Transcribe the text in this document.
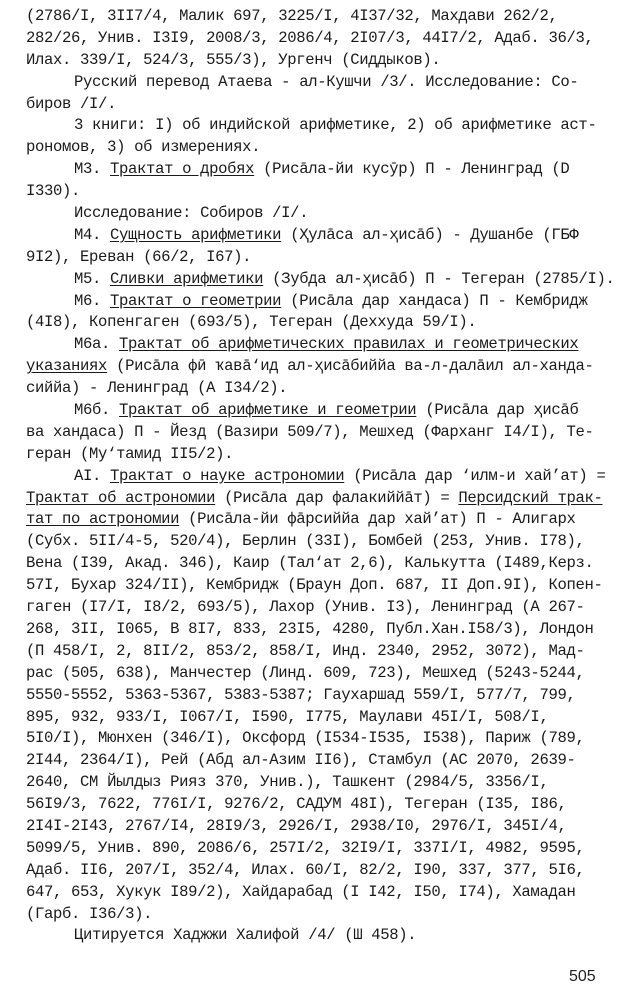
(2786/I, 3II7/4, Малик 697, 3225/I, 4I37/32, Махдави 262/2,
282/26, Унив. I3I9, 2008/3, 2086/4, 2I07/3, 44I7/2, Адаб. 36/3,
Илах. 339/I, 524/3, 555/3), Ургенч (Сиддыков).
Русский перевод Атаева - ал-Кушчи /3/. Исследование: Со-
биров /I/.
3 книги: I) об индийской арифметике, 2) об арифметике аст-
рономов, 3) об измерениях.
М3. Трактат о дробях (Рисāла-йи кусӯр) П - Ленинград (D
I330).
Исследование: Собиров /I/.
М4. Сущность арифметики (Ҳулāса ал-ҳисāб) - Душанбе (ГБФ
9I2), Ереван (66/2, I67).
М5. Сливки арифметики (Зубда ал-ҳисāб) П - Тегеран (2785/I).
М6. Трактат о геометрии (Рисāла дар хандаса) П - Кембридж
(4I8), Копенгаген (693/5), Тегеран (Деххуда 59/I).
М6а. Трактат об арифметических правилах и геометрических
указаниях (Рисāла фӣ ҡавā‘ид ал-ҳисāбиййа ва-л-далāил ал-ханда-
сиййа) - Ленинград (А I34/2).
М6б. Трактат об арифметике и геометрии (Рисāла дар ҳисāб
ва хандаса) П - Йезд (Вазири 509/7), Мешхед (Фарханг I4/I), Те-
геран (Му‘тамид II5/2).
АI. Трактат о науке астрономии (Рисāла дар ‘илм-и хай’ат) =
Трактат об астрономии (Рисāла дар фалакиййāт) = Персидский трак-
тат по астрономии (Рисāла-йи фāрсиййа дар хай’ат) П - Алигарх
(Субх. 5II/4-5, 520/4), Берлин (33I), Бомбей (253, Унив. I78),
Вена (I39, Акад. 346), Каир (Тал‘ат 2,6), Калькутта (I489,Керз.
57I, Бухар 324/II), Кембридж (Браун Доп. 687, II Доп.9I), Копен-
гаген (I7/I, I8/2, 693/5), Лахор (Унив. I3), Ленинград (А 267-
268, 3II, I065, В 8I7, 833, 23I5, 4280, Публ.Хан.I58/3), Лондон
(П 458/I, 2, 8II/2, 853/2, 858/I, Инд. 2340, 2952, 3072), Мад-
рас (505, 638), Манчестер (Линд. 609, 723), Мешхед (5243-5244,
5550-5552, 5363-5367, 5383-5387; Гаухаршад 559/I, 577/7, 799,
895, 932, 933/I, I067/I, I590, I775, Маулави 45I/I, 508/I,
5I0/I), Мюнхен (346/I), Оксфорд (I534-I535, I538), Париж (789,
2I44, 2364/I), Рей (Абд ал-Азим II6), Стамбул (АС 2070, 2639-
2640, СМ Йылдыз Рияз 370, Унив.), Ташкент (2984/5, 3356/I,
56I9/3, 7622, 776I/I, 9276/2, САДУМ 48I), Тегеран (I35, I86,
2I4I-2I43, 2767/I4, 28I9/3, 2926/I, 2938/I0, 2976/I, 345I/4,
5099/5, Унив. 890, 2086/6, 257I/2, 32I9/I, 337I/I, 4982, 9595,
Адаб. II6, 207/I, 352/4, Илах. 60/I, 82/2, I90, 337, 377, 5I6,
647, 653, Хукук I89/2), Хайдарабад (I I42, I50, I74), Хамадан
(Гарб. I36/3).
Цитируется Хаджжи Халифой /4/ (Ш 458).
505
